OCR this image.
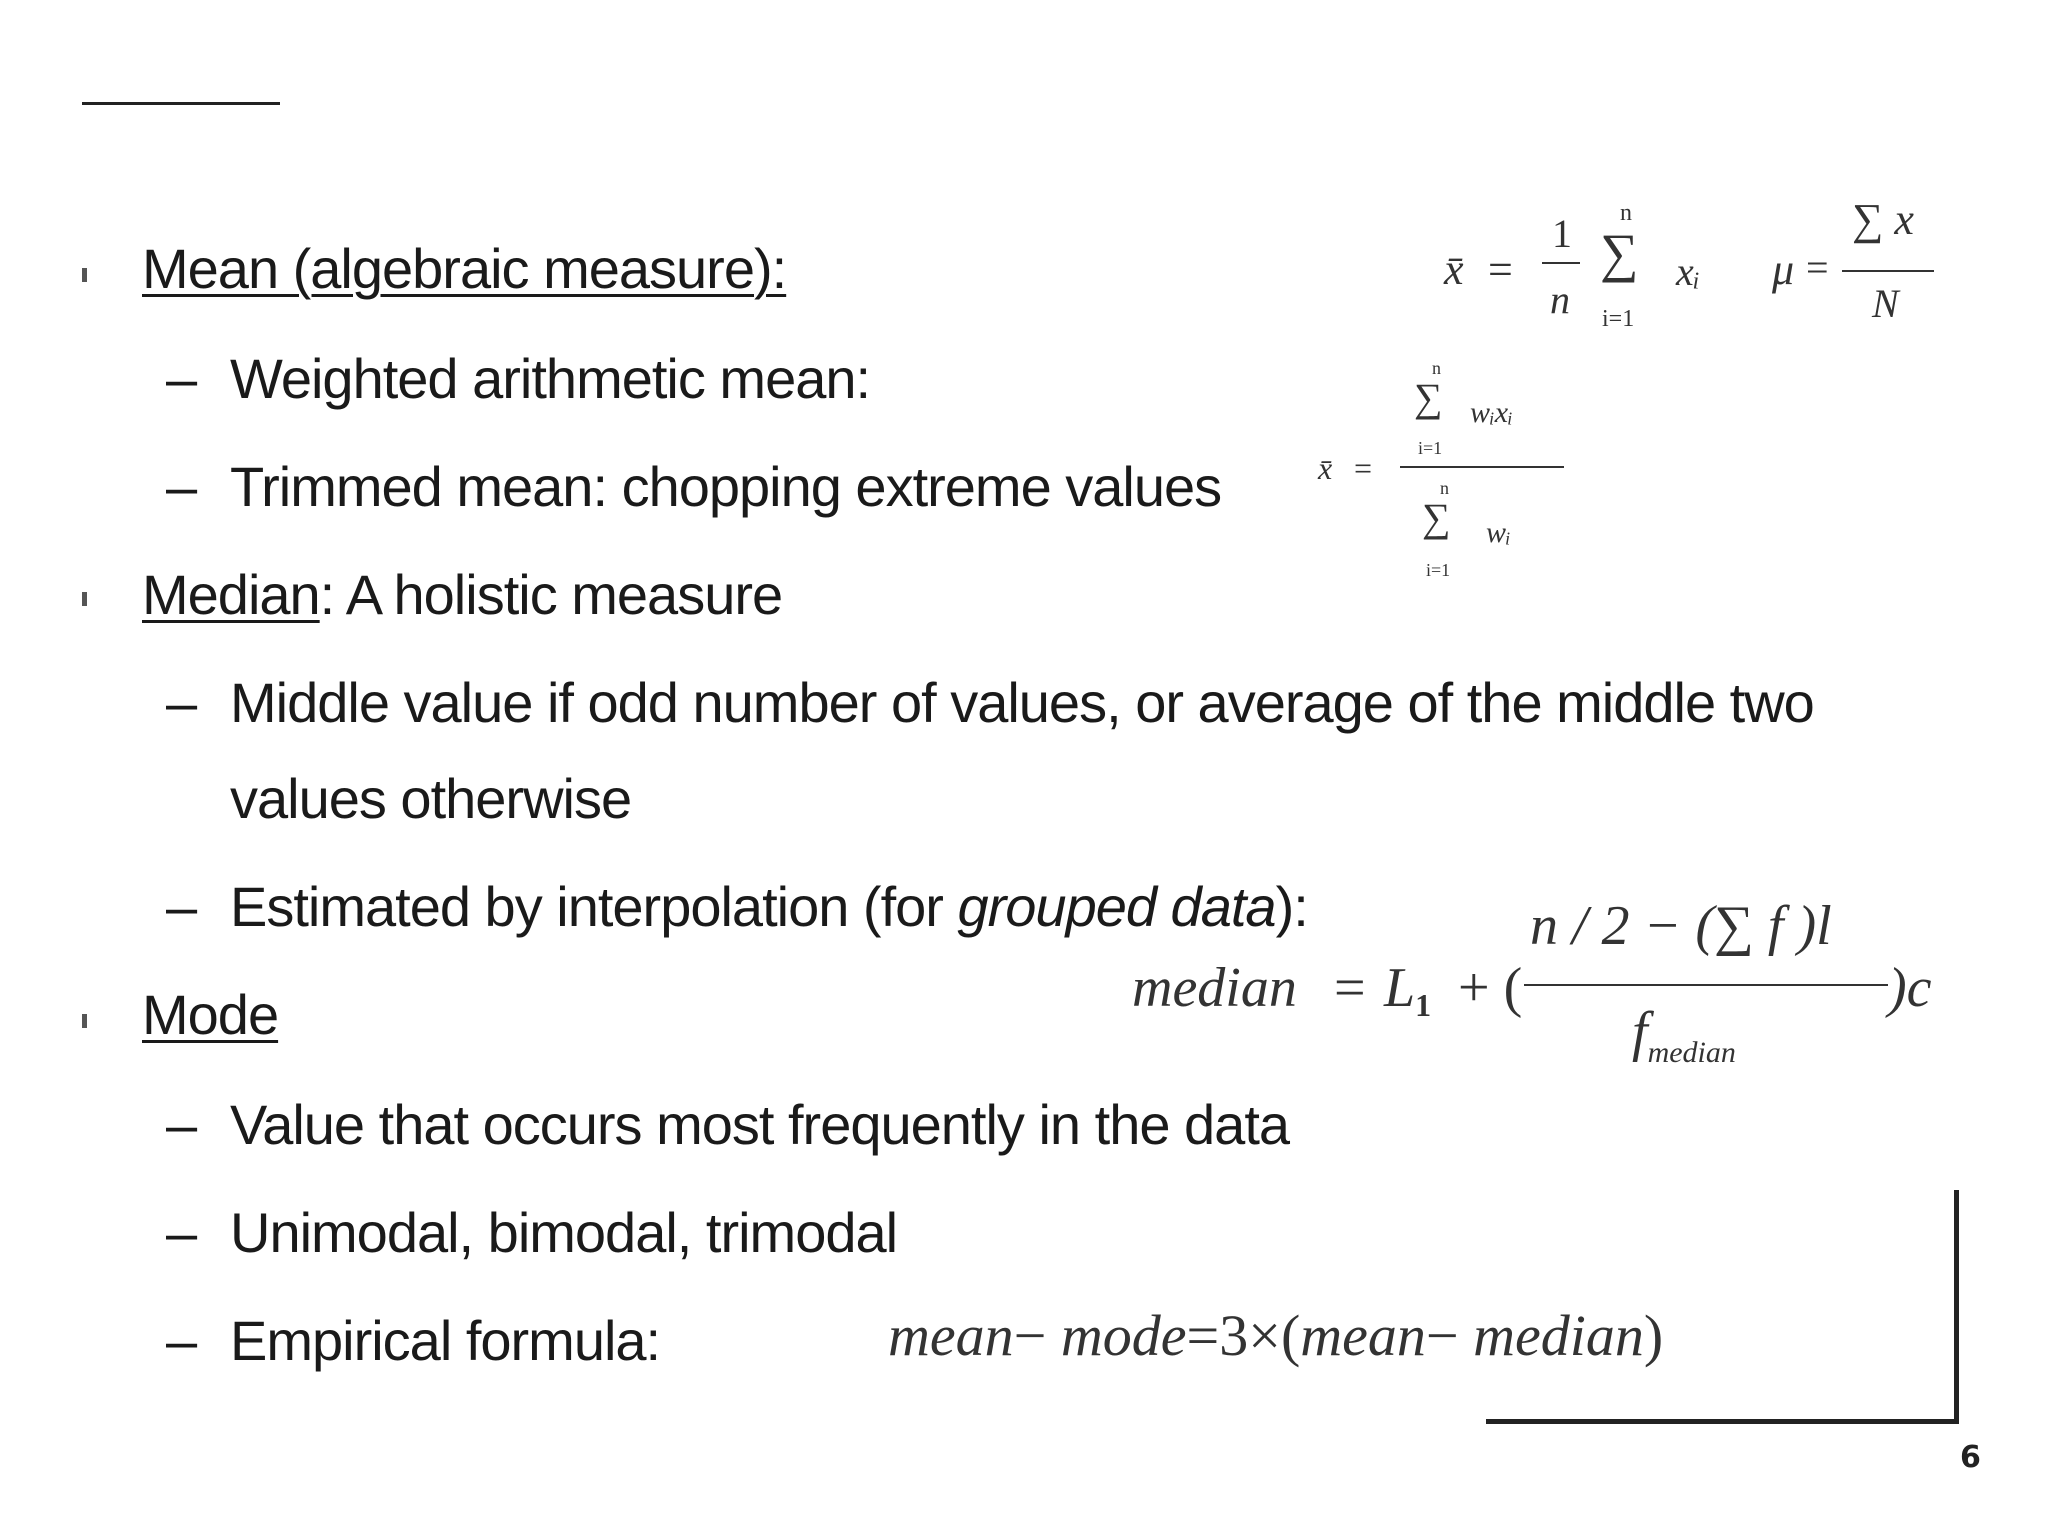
Mean (algebraic measure):
– Weighted arithmetic mean:
– Trimmed mean: chopping extreme values
Median: A holistic measure
– Middle value if odd number of values, or average of the middle two
values otherwise
– Estimated by interpolation (for grouped data):
Mode
– Value that occurs most frequently in the data
– Unimodal, bimodal, trimodal
– Empirical formula:
x̄ =
1
n
n
∑
i=1
xᵢ μ =
∑ x
N
x̄ =
n
∑
i=1
wᵢxᵢ
n
∑
i=1
wᵢ
median = L1 + (
n / 2 − (∑ f )l
$f_{median}$
)c
mean− mode=3×(mean− median)
6
